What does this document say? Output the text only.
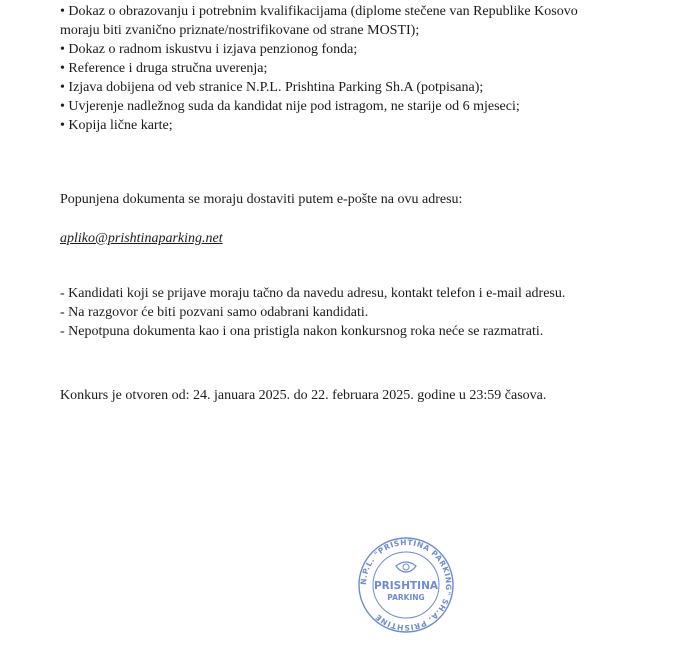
• Dokaz o obrazovanju i potrebnim kvalifikacijama (diplome stečene van Republike Kosovo
moraju biti zvanično priznate/nostrifikovane od strane MOSTI);
• Dokaz o radnom iskustvu i izjava penzionog fonda;
• Reference i druga stručna uverenja;
• Izjava dobijena od veb stranice N.P.L. Prishtina Parking Sh.A (potpisana);
• Uvjerenje nadležnog suda da kandidat nije pod istragom, ne starije od 6 mjeseci;
• Kopija lične karte;
Popunjena dokumenta se moraju dostaviti putem e-pošte na ovu adresu:
apliko@prishtinaparking.net
- Kandidati koji se prijave moraju tačno da navedu adresu, kontakt telefon i e-mail adresu.
- Na razgovor će biti pozvani samo odabrani kandidati.
- Nepotpuna dokumenta kao i ona pristigla nakon konkursnog roka neće se razmatrati.
Konkurs je otvoren od: 24. januara 2025. do 22. februara 2025. godine u 23:59 časova.
N.P.L. "PRISHTINA PARKING" SH.A. PRISHTINË
PRISHTINA
PARKING
